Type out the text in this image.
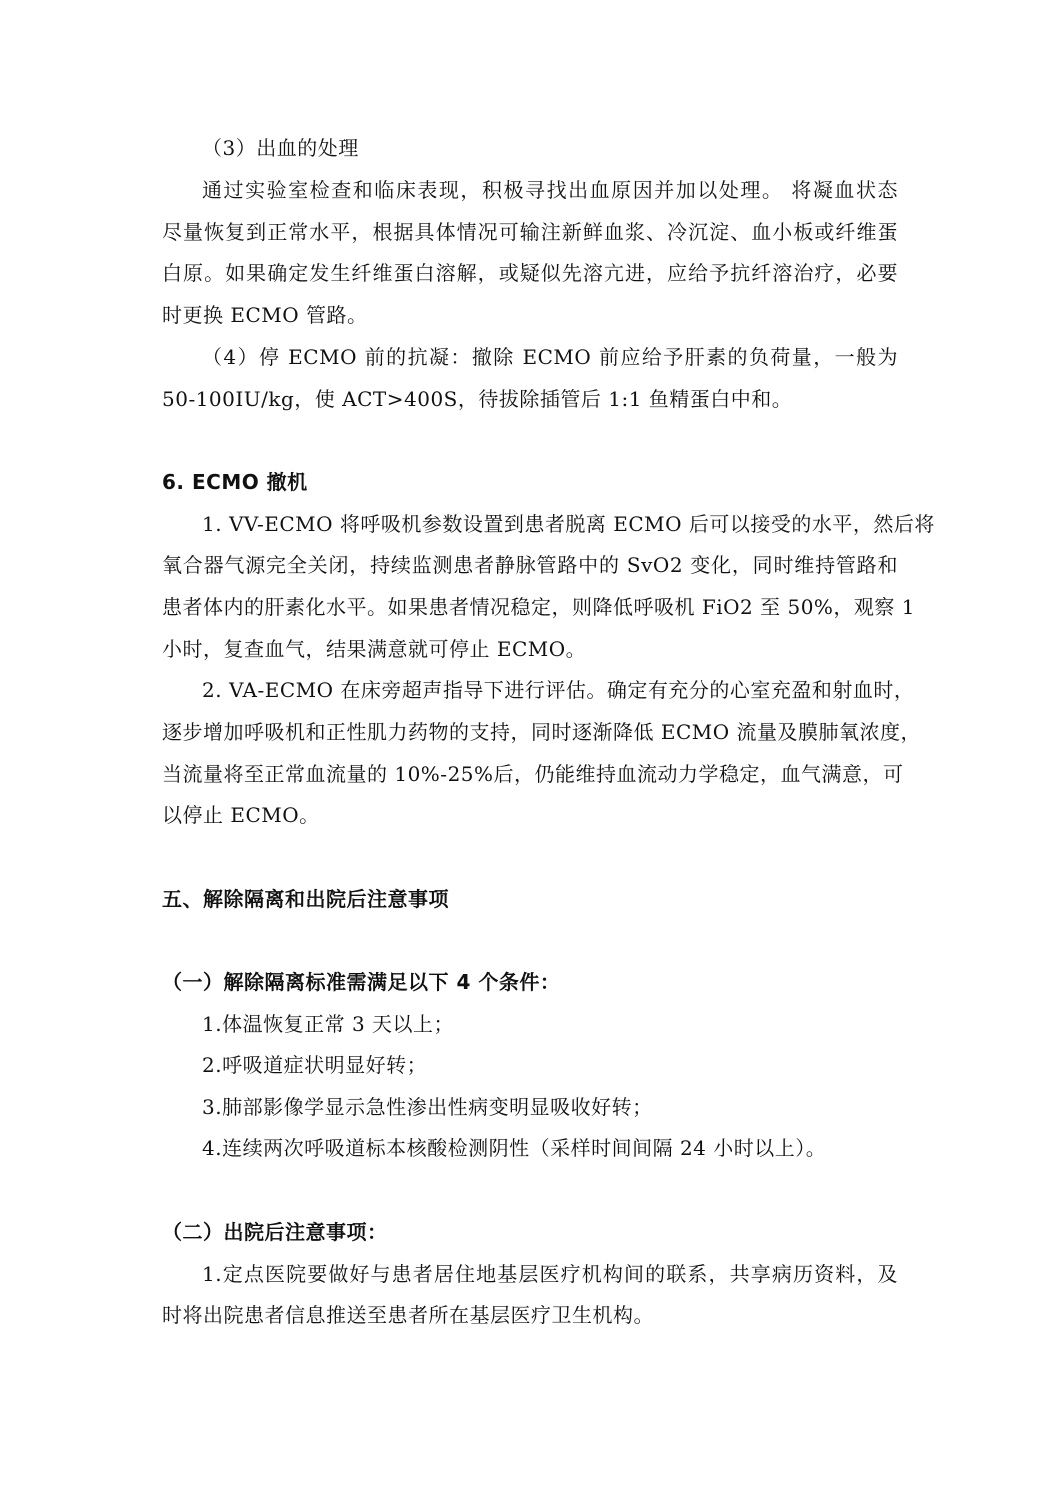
（3）出血的处理
通过实验室检查和临床表现，积极寻找出血原因并加以处理。 将凝血状态
尽量恢复到正常水平，根据具体情况可输注新鲜血浆、冷沉淀、血小板或纤维蛋
白原。如果确定发生纤维蛋白溶解，或疑似先溶亢进，应给予抗纤溶治疗，必要
时更换 ECMO 管路。
（4）停 ECMO 前的抗凝：撤除 ECMO 前应给予肝素的负荷量，一般为
50-100IU/kg，使 ACT>400S，待拔除插管后 1:1 鱼精蛋白中和。
6. ECMO 撤机
1. VV-ECMO 将呼吸机参数设置到患者脱离 ECMO 后可以接受的水平，然后将
氧合器气源完全关闭，持续监测患者静脉管路中的 SvO2 变化，同时维持管路和
患者体内的肝素化水平。如果患者情况稳定，则降低呼吸机 FiO2 至 50%，观察 1
小时，复查血气，结果满意就可停止 ECMO。
2. VA-ECMO 在床旁超声指导下进行评估。确定有充分的心室充盈和射血时，
逐步增加呼吸机和正性肌力药物的支持，同时逐渐降低 ECMO 流量及膜肺氧浓度，
当流量将至正常血流量的 10%-25%后，仍能维持血流动力学稳定，血气满意，可
以停止 ECMO。
五、解除隔离和出院后注意事项
（一）解除隔离标准需满足以下 4 个条件：
1.体温恢复正常 3 天以上；
2.呼吸道症状明显好转；
3.肺部影像学显示急性渗出性病变明显吸收好转；
4.连续两次呼吸道标本核酸检测阴性（采样时间间隔 24 小时以上）。
（二）出院后注意事项：
1.定点医院要做好与患者居住地基层医疗机构间的联系，共享病历资料，及
时将出院患者信息推送至患者所在基层医疗卫生机构。
